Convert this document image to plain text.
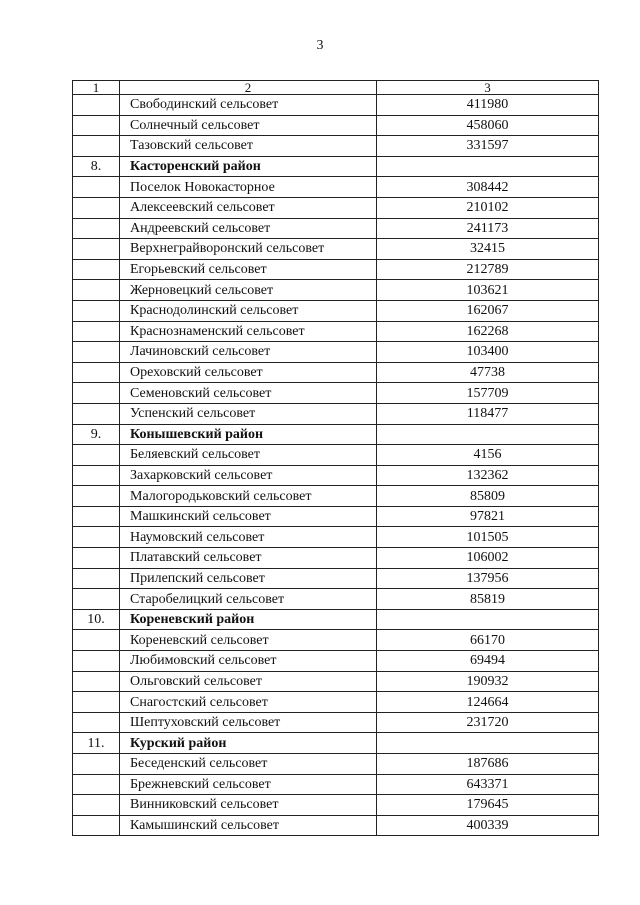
3
1	2	3
	Свободинский сельсовет	411980
	Солнечный сельсовет	458060
	Тазовский сельсовет	331597
8.	Касторенский район	
	Поселок Новокасторное	308442
	Алексеевский сельсовет	210102
	Андреевский сельсовет	241173
	Верхнеграйворонский сельсовет	32415
	Егорьевский сельсовет	212789
	Жерновецкий сельсовет	103621
	Краснодолинский сельсовет	162067
	Краснознаменский сельсовет	162268
	Лачиновский сельсовет	103400
	Ореховский сельсовет	47738
	Семеновский сельсовет	157709
	Успенский сельсовет	118477
9.	Конышевский район	
	Беляевский сельсовет	4156
	Захарковский сельсовет	132362
	Малогородьковский сельсовет	85809
	Машкинский сельсовет	97821
	Наумовский сельсовет	101505
	Платавский сельсовет	106002
	Прилепский сельсовет	137956
	Старобелицкий сельсовет	85819
10.	Кореневский район	
	Кореневский сельсовет	66170
	Любимовский сельсовет	69494
	Ольговский сельсовет	190932
	Снагостский сельсовет	124664
	Шептуховский сельсовет	231720
11.	Курский район	
	Беседенский сельсовет	187686
	Брежневский сельсовет	643371
	Винниковский сельсовет	179645
	Камышинский сельсовет	400339
